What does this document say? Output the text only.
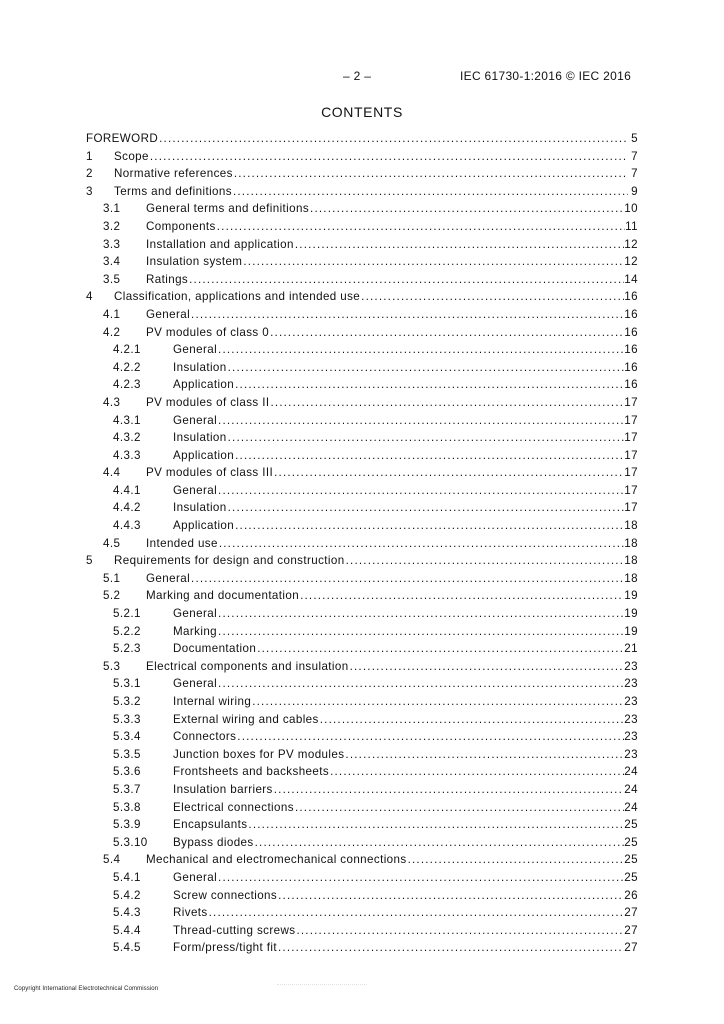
– 2 –	IEC 61730-1:2016 © IEC 2016
CONTENTS
FOREWORD .....	5
1 Scope .....	7
2 Normative references .....	7
3 Terms and definitions .....	9
3.1 General terms and definitions .....	10
3.2 Components .....	11
3.3 Installation and application .....	12
3.4 Insulation system .....	12
3.5 Ratings .....	14
4 Classification, applications and intended use .....	16
4.1 General .....	16
4.2 PV modules of class 0 .....	16
4.2.1	General .....	16
4.2.2	Insulation .....	16
4.2.3	Application .....	16
4.3 PV modules of class II .....	17
4.3.1	General .....	17
4.3.2	Insulation .....	17
4.3.3	Application .....	17
4.4 PV modules of class III .....	17
4.4.1	General .....	17
4.4.2	Insulation .....	17
4.4.3	Application .....	18
4.5 Intended use .....	18
5 Requirements for design and construction .....	18
5.1 General .....	18
5.2 Marking and documentation .....	19
5.2.1	General .....	19
5.2.2	Marking .....	19
5.2.3	Documentation .....	21
5.3 Electrical components and insulation .....	23
5.3.1	General .....	23
5.3.2	Internal wiring .....	23
5.3.3	External wiring and cables .....	23
5.3.4	Connectors .....	23
5.3.5	Junction boxes for PV modules .....	23
5.3.6	Frontsheets and backsheets .....	24
5.3.7	Insulation barriers .....	24
5.3.8	Electrical connections .....	24
5.3.9	Encapsulants .....	25
5.3.10 Bypass diodes .....	25
5.4 Mechanical and electromechanical connections .....	25
5.4.1	General .....	25
5.4.2	Screw connections .....	26
5.4.3	Rivets .....	27
5.4.4	Thread-cutting screws .....	27
5.4.5	Form/press/tight fit .....	27
Copyright International Electrotechnical Commission
